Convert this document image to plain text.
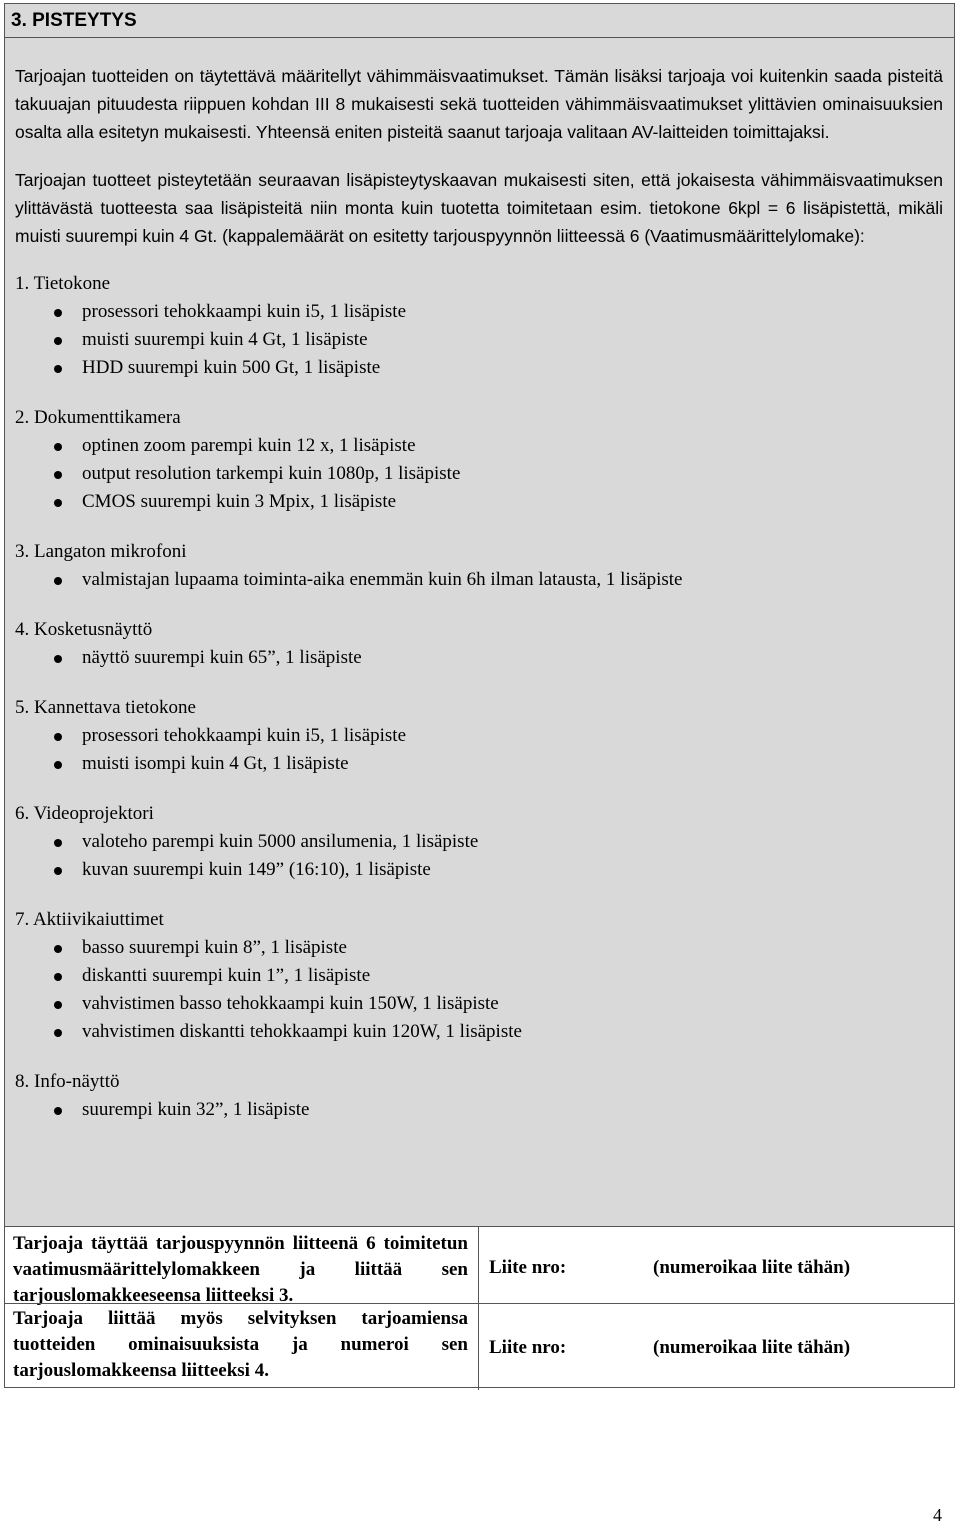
3. PISTEYTYS

Tarjoajan tuotteiden on täytettävä määritellyt vähimmäisvaatimukset. Tämän lisäksi tarjoaja voi kuitenkin saada pisteitä takuuajan pituudesta riippuen kohdan III 8 mukaisesti sekä tuotteiden vähimmäisvaatimukset ylittävien ominaisuuksien osalta alla esitetyn mukaisesti. Yhteensä eniten pisteitä saanut tarjoaja valitaan AV-laitteiden toimittajaksi.

Tarjoajan tuotteet pisteytetään seuraavan lisäpisteytyskaavan mukaisesti siten, että jokaisesta vähimmäisvaatimuksen ylittävästä tuotteesta saa lisäpisteitä niin monta kuin tuotetta toimitetaan esim. tietokone 6kpl = 6 lisäpistettä, mikäli muisti suurempi kuin 4 Gt. (kappalemäärät on esitetty tarjouspyynnön liitteessä 6 (Vaatimusmäärittelylomake):

1. Tietokone
prosessori tehokkaampi kuin i5, 1 lisäpiste
muisti suurempi kuin 4 Gt, 1 lisäpiste
HDD suurempi kuin 500 Gt, 1 lisäpiste
2. Dokumenttikamera
optinen zoom parempi kuin 12 x, 1 lisäpiste
output resolution tarkempi kuin 1080p, 1 lisäpiste
CMOS suurempi kuin 3 Mpix, 1 lisäpiste
3. Langaton mikrofoni
valmistajan lupaama toiminta-aika enemmän kuin 6h ilman latausta, 1 lisäpiste
4. Kosketusnäyttö
näyttö suurempi kuin 65”, 1 lisäpiste
5. Kannettava tietokone
prosessori tehokkaampi kuin i5, 1 lisäpiste
muisti isompi kuin 4 Gt, 1 lisäpiste
6. Videoprojektori
valoteho parempi kuin 5000 ansilumenia, 1 lisäpiste
kuvan suurempi kuin 149” (16:10), 1 lisäpiste
7. Aktiivikaiuttimet
basso suurempi kuin 8”, 1 lisäpiste
diskantti suurempi kuin 1”, 1 lisäpiste
vahvistimen basso tehokkaampi kuin 150W, 1 lisäpiste
vahvistimen diskantti tehokkaampi kuin 120W, 1 lisäpiste
8. Info-näyttö
suurempi kuin 32”, 1 lisäpiste
Tarjoaja täyttää tarjouspyynnön liitteenä 6 toimitetun vaatimusmäärittelylomakkeen ja liittää sen tarjouslomakkeeseensa liitteeksi 3.
Liite nro:	(numeroikaa liite tähän)
Tarjoaja liittää myös selvityksen tarjoamiensa tuotteiden ominaisuuksista ja numeroi sen tarjouslomakkeensa liitteeksi 4.
Liite nro:	(numeroikaa liite tähän)
4
